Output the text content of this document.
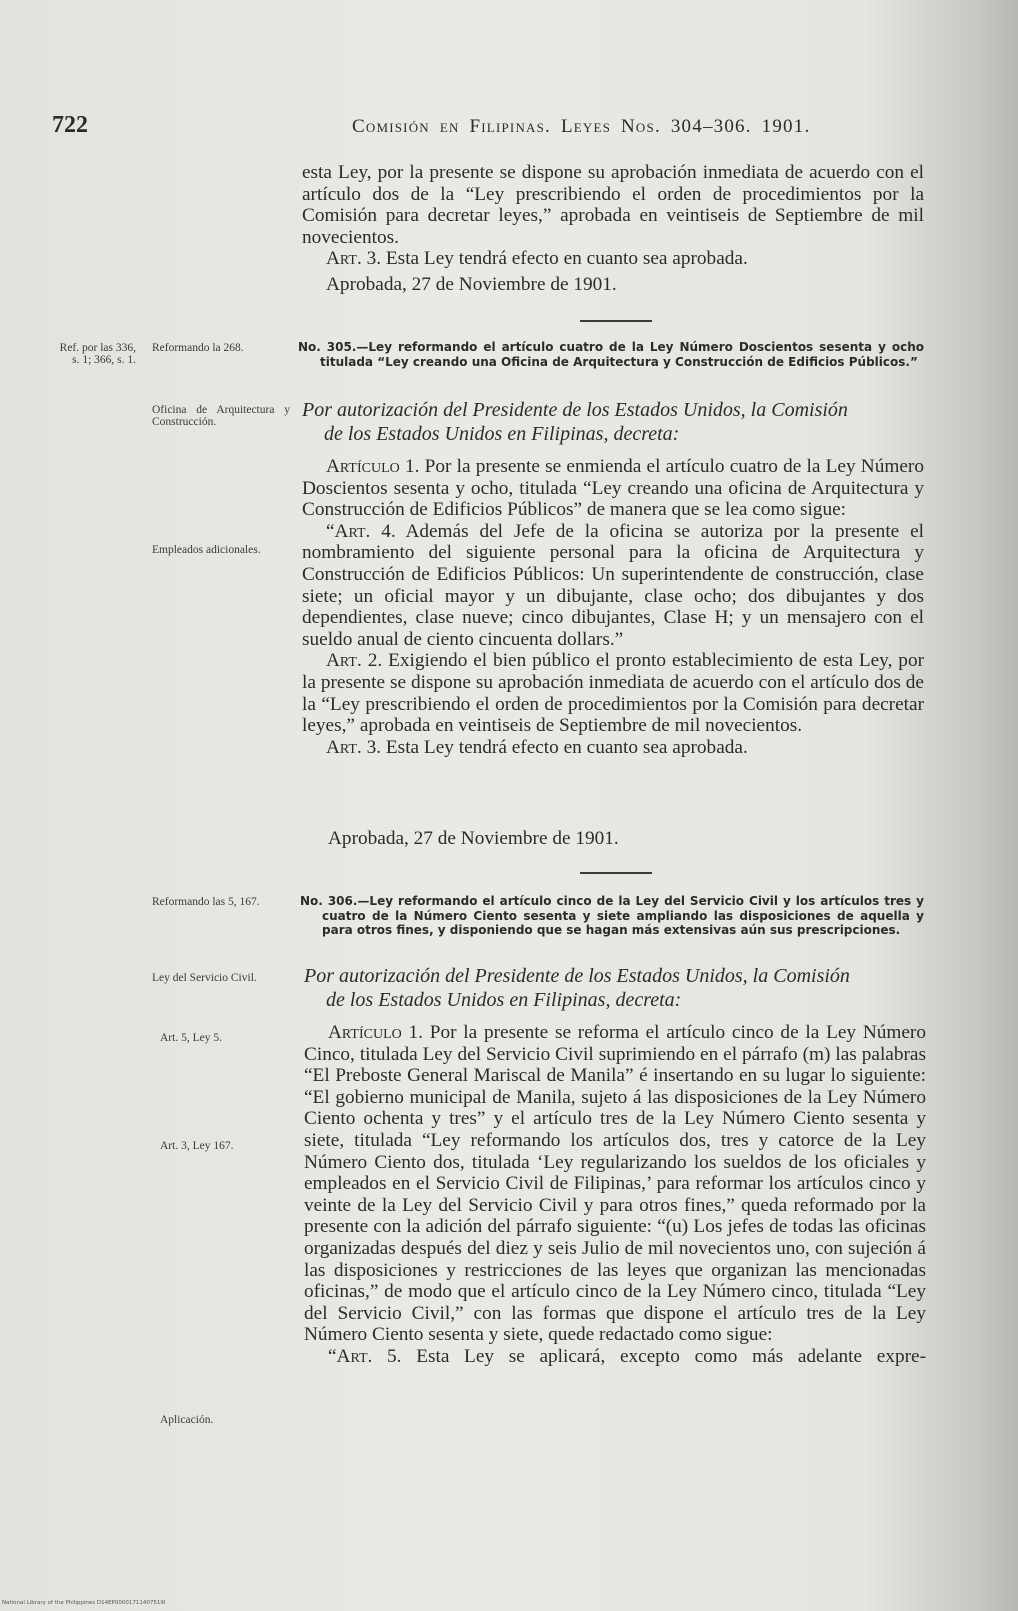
722	Comisión en Filipinas. Leyes Nos. 304–306. 1901.

esta Ley, por la presente se dispone su aprobación inmediata de acuerdo con el artículo dos de la “Ley prescribiendo el orden de procedimientos por la Comisión para decretar leyes,” aprobada en veintiseis de Septiembre de mil novecientos.

Art. 3. Esta Ley tendrá efecto en cuanto sea aprobada.

Aprobada, 27 de Noviembre de 1901.
Ref. por las 336, s. 1; 366, s. 1.
Reformando la 268.	No. 305.—Ley reformando el artículo cuatro de la Ley Número Doscientos sesenta y ocho titulada “Ley creando una Oficina de Arquitectura y Construcción de Edificios Públicos.”
Oficina de Arquitectura y Construcción.
Por autorización del Presidente de los Estados Unidos, la Comisión
de los Estados Unidos en Filipinas, decreta:

Artículo 1. Por la presente se enmienda el artículo cuatro de la Ley Número Doscientos sesenta y ocho, titulada “Ley creando una oficina de Arquitectura y Construcción de Edificios Públicos” de manera que se lea como sigue:

“Art. 4. Además del Jefe de la oficina se autoriza por la presente el nombramiento del siguiente personal para la oficina de Arquitectura y Construcción de Edificios Públicos: Un superintendente de construcción, clase siete; un oficial mayor y un dibujante, clase ocho; dos dibujantes y dos dependientes, clase nueve; cinco dibujantes, Clase H; y un mensajero con el sueldo anual de ciento cincuenta dollars.”

Art. 2. Exigiendo el bien público el pronto establecimiento de esta Ley, por la presente se dispone su aprobación inmediata de acuerdo con el artículo dos de la “Ley prescribiendo el orden de procedimientos por la Comisión para decretar leyes,” aprobada en veintiseis de Septiembre de mil novecientos.

Art. 3. Esta Ley tendrá efecto en cuanto sea aprobada.

Empleados adicionales.
Aprobada, 27 de Noviembre de 1901.
Reformando las 5, 167.	No. 306.—Ley reformando el artículo cinco de la Ley del Servicio Civil y los artículos tres y cuatro de la Número Ciento sesenta y siete ampliando las disposiciones de aquella y para otros fines, y disponiendo que se hagan más extensivas aún sus prescripciones.
Ley del Servicio Civil.	Por autorización del Presidente de los Estados Unidos, la Comisión
de los Estados Unidos en Filipinas, decreta:
Art. 5, Ley 5.
Art. 3, Ley 167.

Artículo 1. Por la presente se reforma el artículo cinco de la Ley Número Cinco, titulada Ley del Servicio Civil suprimiendo en el párrafo (m) las palabras “El Preboste General Mariscal de Manila” é insertando en su lugar lo siguiente: “El gobierno municipal de Manila, sujeto á las disposiciones de la Ley Número Ciento ochenta y tres” y el artículo tres de la Ley Número Ciento sesenta y siete, titulada “Ley reformando los artículos dos, tres y catorce de la Ley Número Ciento dos, titulada ‘Ley regularizando los sueldos de los oficiales y empleados en el Servicio Civil de Filipinas,’ para reformar los artículos cinco y veinte de la Ley del Servicio Civil y para otros fines,” queda reformado por la presente con la adición del párrafo siguiente: “(u) Los jefes de todas las oficinas organizadas después del diez y seis Julio de mil novecientos uno, con sujeción á las disposiciones y restricciones de las leyes que organizan las mencionadas oficinas,” de modo que el artículo cinco de la Ley Número cinco, titulada “Ley del Servicio Civil,” con las formas que dispone el artículo tres de la Ley Número Ciento sesenta y siete, quede redactado como sigue:

“Art. 5. Esta Ley se aplicará, excepto como más adelante expre-

Aplicación.
National Library of the Philippines D14EP00001711407519I
